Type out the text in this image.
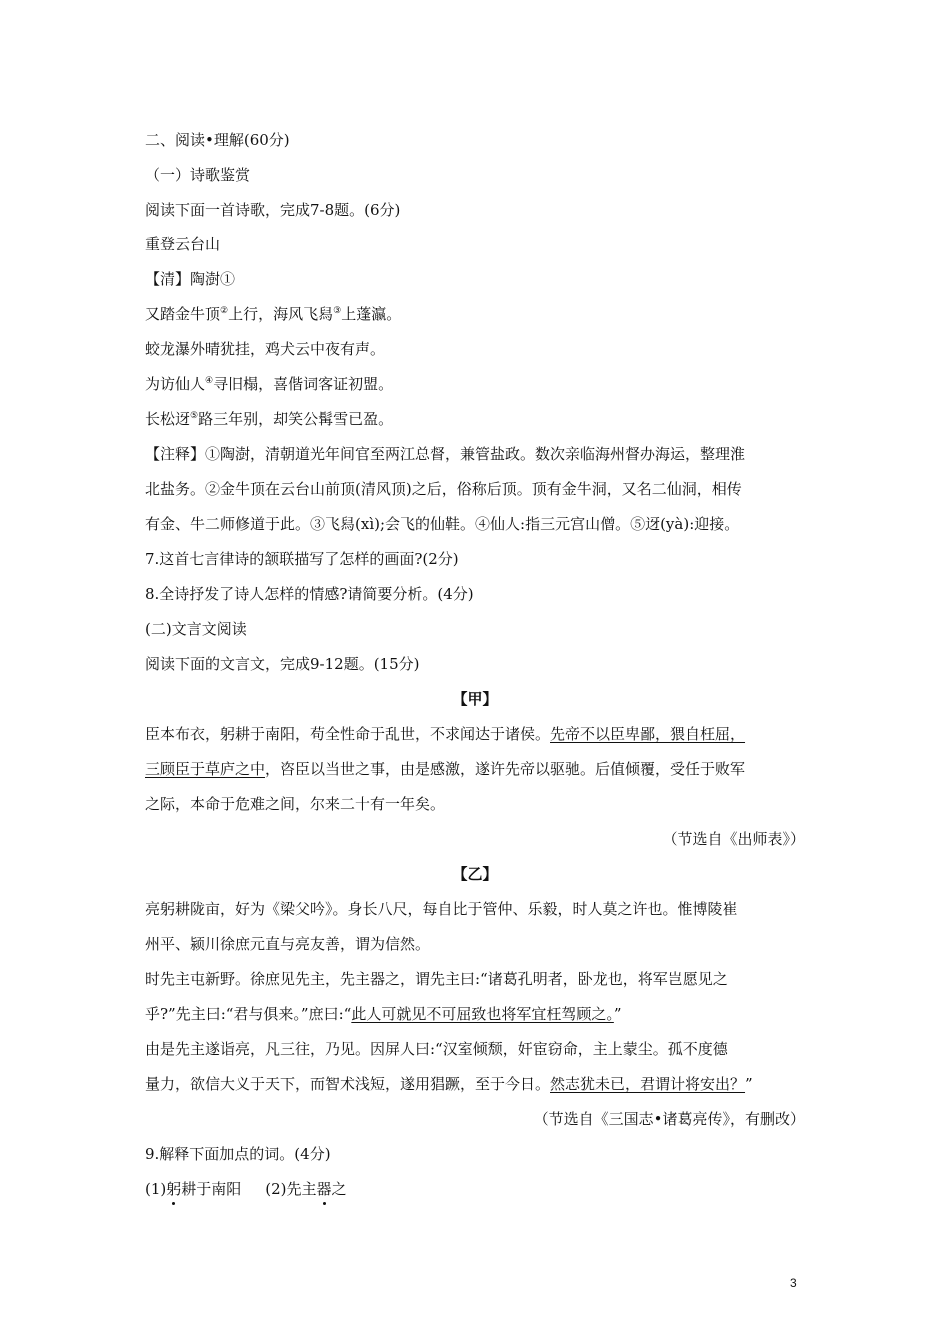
二、阅读•理解(60分)
（一）诗歌鉴赏
阅读下面一首诗歌，完成7-8题。(6分)
重登云台山
【清】陶澍①
又踏金牛顶②上行，海风飞舄③上蓬瀛。
蛟龙瀑外晴犹挂，鸡犬云中夜有声。
为访仙人④寻旧榻，喜偕词客证初盟。
长松迓⑤路三年别，却笑公髯雪已盈。
【注释】①陶澍，清朝道光年间官至两江总督，兼管盐政。数次亲临海州督办海运，整理淮
北盐务。②金牛顶在云台山前顶(清风顶)之后，俗称后顶。顶有金牛洞，又名二仙洞，相传
有金、牛二师修道于此。③飞舄(xì);会飞的仙鞋。④仙人:指三元宫山僧。⑤迓(yà):迎接。
7.这首七言律诗的颔联描写了怎样的画面?(2分)
8.全诗抒发了诗人怎样的情感?请简要分析。(4分)
(二)文言文阅读
阅读下面的文言文，完成9-12题。(15分)
【甲】
臣本布衣，躬耕于南阳，苟全性命于乱世，不求闻达于诸侯。先帝不以臣卑鄙，猥自枉屈，
三顾臣于草庐之中，咨臣以当世之事，由是感激，遂许先帝以驱驰。后值倾覆，受任于败军
之际，本命于危难之间，尔来二十有一年矣。
（节选自《出师表》）
【乙】
亮躬耕陇亩，好为《梁父吟》。身长八尺，每自比于管仲、乐毅，时人莫之许也。惟博陵崔
州平、颍川徐庶元直与亮友善，谓为信然。
时先主屯新野。徐庶见先主，先主器之，谓先主曰:“诸葛孔明者，卧龙也，将军岂愿见之
乎?”先主曰:“君与俱来。”庶曰:“此人可就见不可屈致也将军宜枉驾顾之。”
由是先主遂诣亮，凡三往，乃见。因屏人曰:“汉室倾颓，奸宦窃命，主上蒙尘。孤不度德
量力，欲信大义于天下，而智术浅短，遂用猖蹶，至于今日。然志犹未已，君谓计将安出？”
（节选自《三国志•诸葛亮传》，有删改）
9.解释下面加点的词。(4分)
(1)躬耕于南阳 (2)先主器之
3
